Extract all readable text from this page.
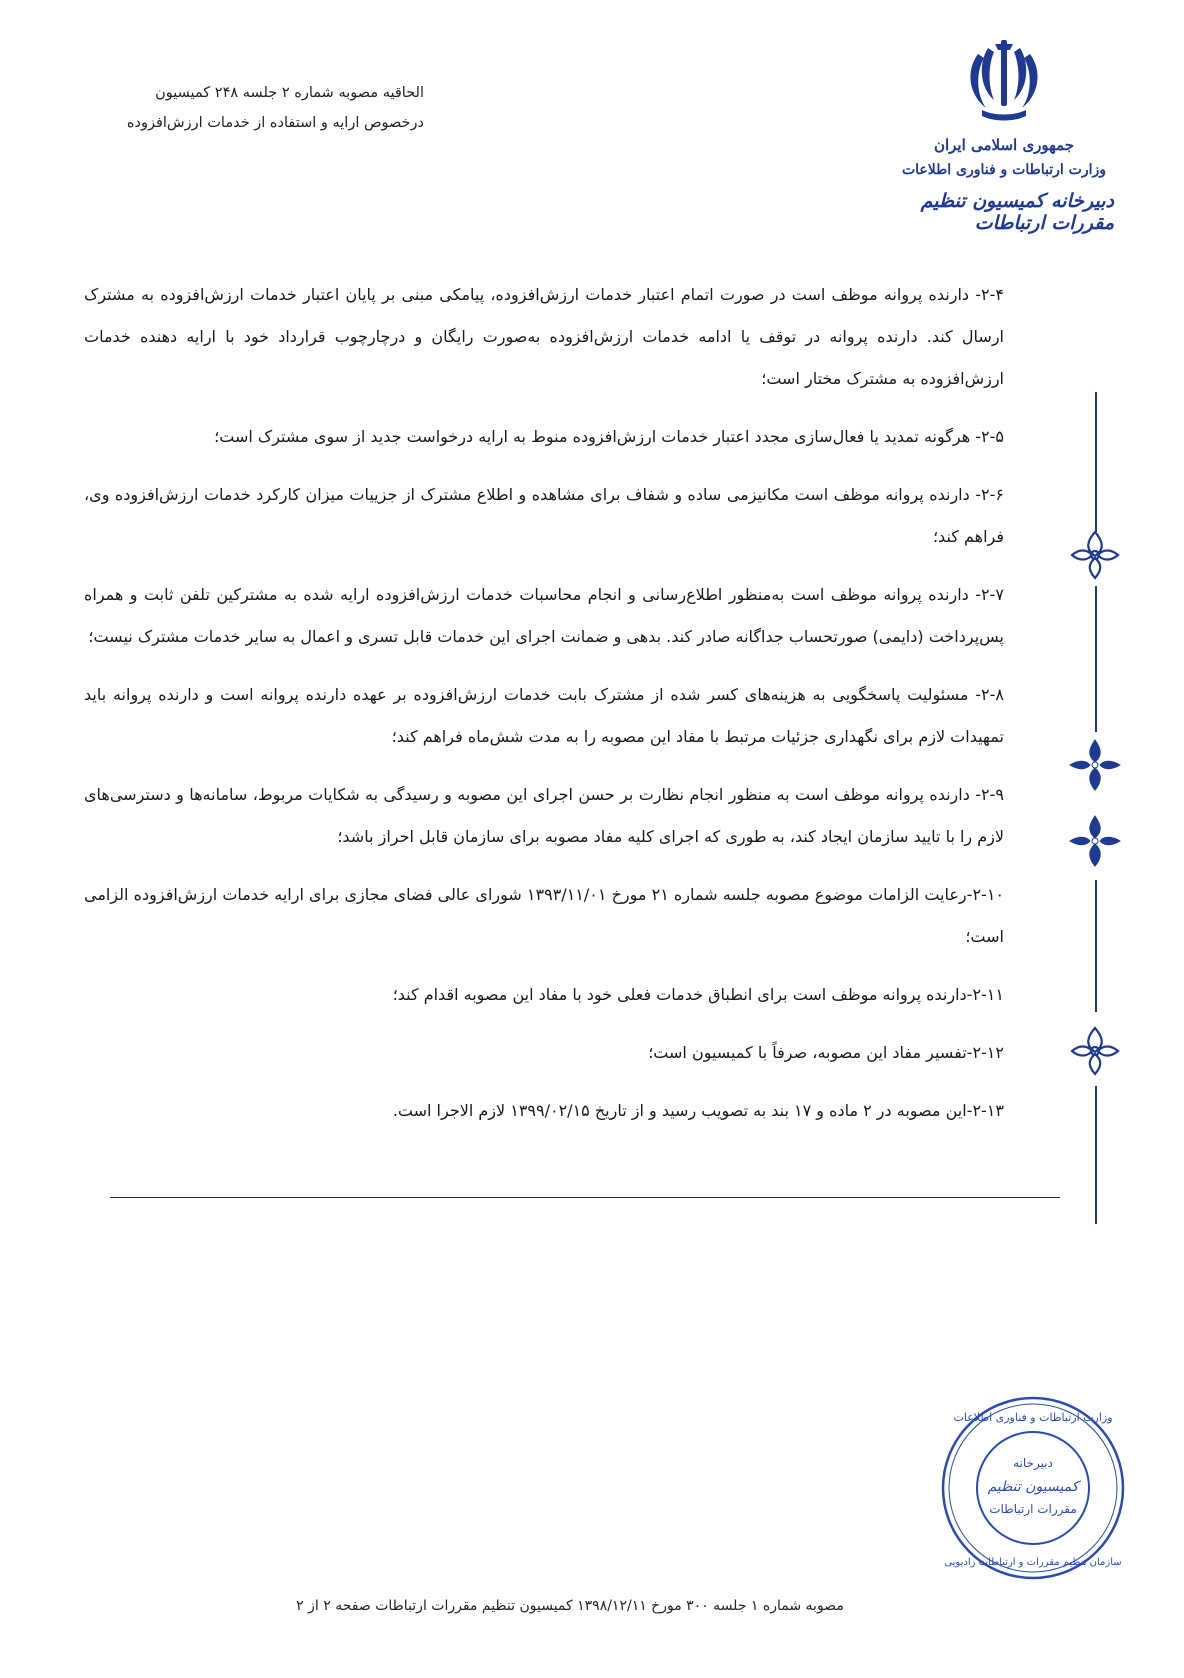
جمهوری اسلامی ایران
وزارت ارتباطات و فناوری اطلاعات
دبیرخانه کمیسیون تنظیم مقررات ارتباطات
الحاقیه مصوبه شماره ۲ جلسه ۲۴۸ کمیسیون
درخصوص ارایه و استفاده از خدمات ارزش‌افزوده

۲-۴- دارنده پروانه موظف است در صورت اتمام اعتبار خدمات ارزش‌افزوده، پیامکی مبنی بر پایان اعتبار خدمات ارزش‌افزوده به مشترک ارسال کند. دارنده پروانه در توقف یا ادامه خدمات ارزش‌افزوده به‌صورت رایگان و درچارچوب قرارداد خود با ارایه دهنده خدمات ارزش‌افزوده به مشترک مختار است؛

۲-۵- هرگونه تمدید یا فعال‌سازی مجدد اعتبار خدمات ارزش‌افزوده منوط به ارایه درخواست جدید از سوی مشترک است؛

۲-۶- دارنده پروانه موظف است مکانیزمی ساده و شفاف برای مشاهده و اطلاع مشترک از جزییات میزان کارکرد خدمات ارزش‌افزوده وی، فراهم کند؛

۲-۷- دارنده پروانه موظف است به‌منظور اطلاع‌رسانی و انجام محاسبات خدمات ارزش‌افزوده ارایه شده به مشترکین تلفن ثابت و همراه پس‌پرداخت (دایمی) صورتحساب جداگانه صادر کند. بدهی و ضمانت اجرای این خدمات قابل تسری و اعمال به سایر خدمات مشترک نیست؛

۲-۸- مسئولیت پاسخگویی به هزینه‌های کسر شده از مشترک بابت خدمات ارزش‌افزوده بر عهده دارنده پروانه است و دارنده پروانه باید تمهیدات لازم برای نگهداری جزئیات مرتبط با مفاد این مصوبه را به مدت شش‌ماه فراهم کند؛

۲-۹- دارنده پروانه موظف است به منظور انجام نظارت بر حسن اجرای این مصوبه و رسیدگی به شکایات مربوط، سامانه‌ها و دسترسی‌های لازم را با تایید سازمان ایجاد کند، به طوری که اجرای کلیه مفاد مصوبه برای سازمان قابل احراز باشد؛

۲-۱۰-رعایت الزامات موضوع مصوبه جلسه شماره ۲۱ مورخ ۱۳۹۳/۱۱/۰۱ شورای عالی فضای مجازی برای ارایه خدمات ارزش‌افزوده الزامی است؛

۲-۱۱-دارنده پروانه موظف است برای انطباق خدمات فعلی خود با مفاد این مصوبه اقدام کند؛

۲-۱۲-تفسیر مفاد این مصوبه، صرفاً با کمیسیون است؛

۲-۱۳-این مصوبه در ۲ ماده و ۱۷ بند به تصویب رسید و از تاریخ ۱۳۹۹/۰۲/۱۵ لازم الاجرا است.

دبیرخانه
کمیسیون تنظیم
مقررات ارتباطات
وزارت ارتباطات و فناوری اطلاعات
سازمان تنظیم مقررات و ارتباطات رادیویی
مصوبه شماره ۱ جلسه ۳۰۰ مورخ ۱۳۹۸/۱۲/۱۱ کمیسیون تنظیم مقررات ارتباطات صفحه ۲ از ۲
